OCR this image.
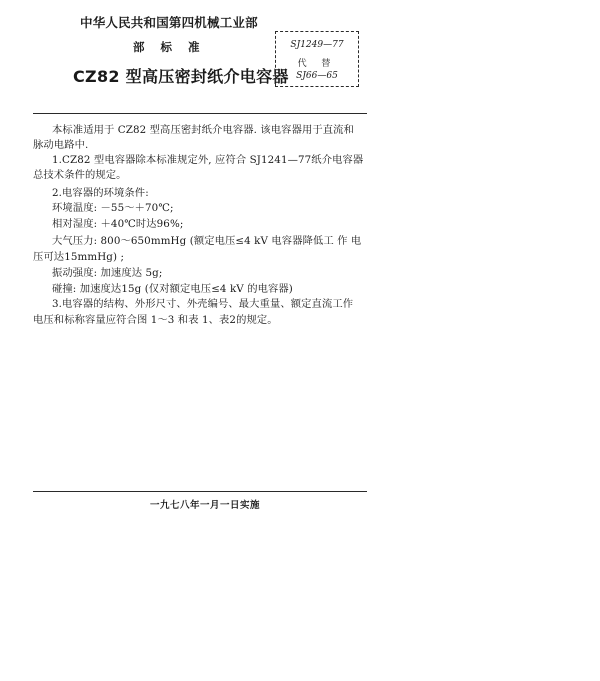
中华人民共和国第四机械工业部
部 标 准
CZ82 型高压密封纸介电容器
SJ1249—77
代 替
SJ66—65
本标准适用于 CZ82 型高压密封纸介电容器. 该电容器用于直流和
脉动电路中.
1.CZ82 型电容器除本标准规定外, 应符合 SJ1241—77纸介电容器
总技术条件的规定。
2.电容器的环境条件:
环境温度: －55～＋70℃;
相对湿度: ＋40℃时达96%;
大气压力: 800～650mmHg (额定电压≤4 kV 电容器降低工 作 电
压可达15mmHg) ;
振动强度: 加速度达 5g;
碰撞: 加速度达15g (仅对额定电压≤4 kV 的电容器)
3.电容器的结构、外形尺寸、外壳编号、最大重量、额定直流工作
电压和标称容量应符合图 1～3 和表 1、表2的规定。
一九七八年一月一日实施
